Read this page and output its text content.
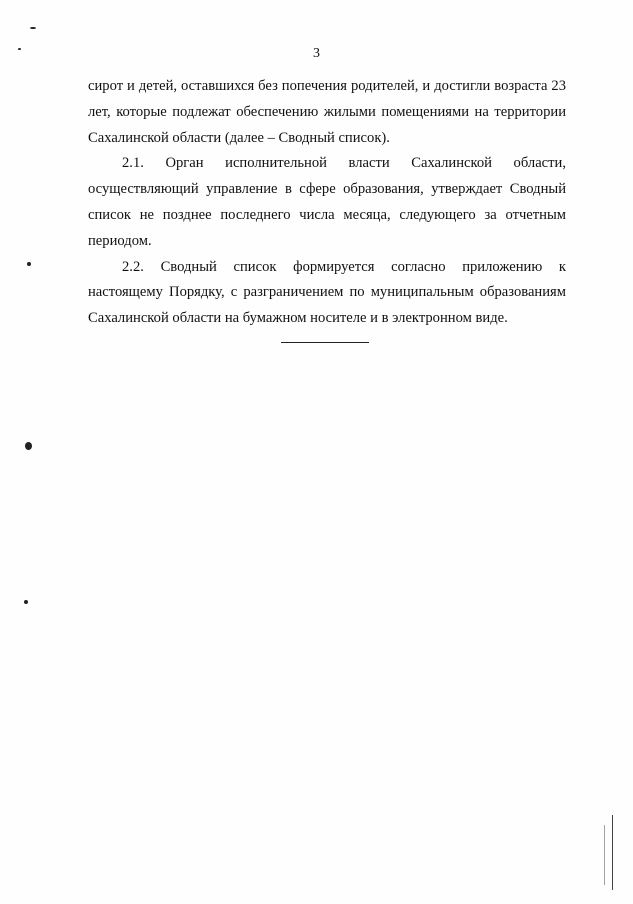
3

сирот и детей, оставшихся без попечения родителей, и достигли возраста 23 лет, которые подлежат обеспечению жилыми помещениями на территории Сахалинской области (далее – Сводный список).

2.1. Орган исполнительной власти Сахалинской области, осуществляющий управление в сфере образования, утверждает Сводный список не позднее последнего числа месяца, следующего за отчетным периодом.

2.2. Сводный список формируется согласно приложению к настоящему Порядку, с разграничением по муниципальным образованиям Сахалинской области на бумажном носителе и в электронном виде.
